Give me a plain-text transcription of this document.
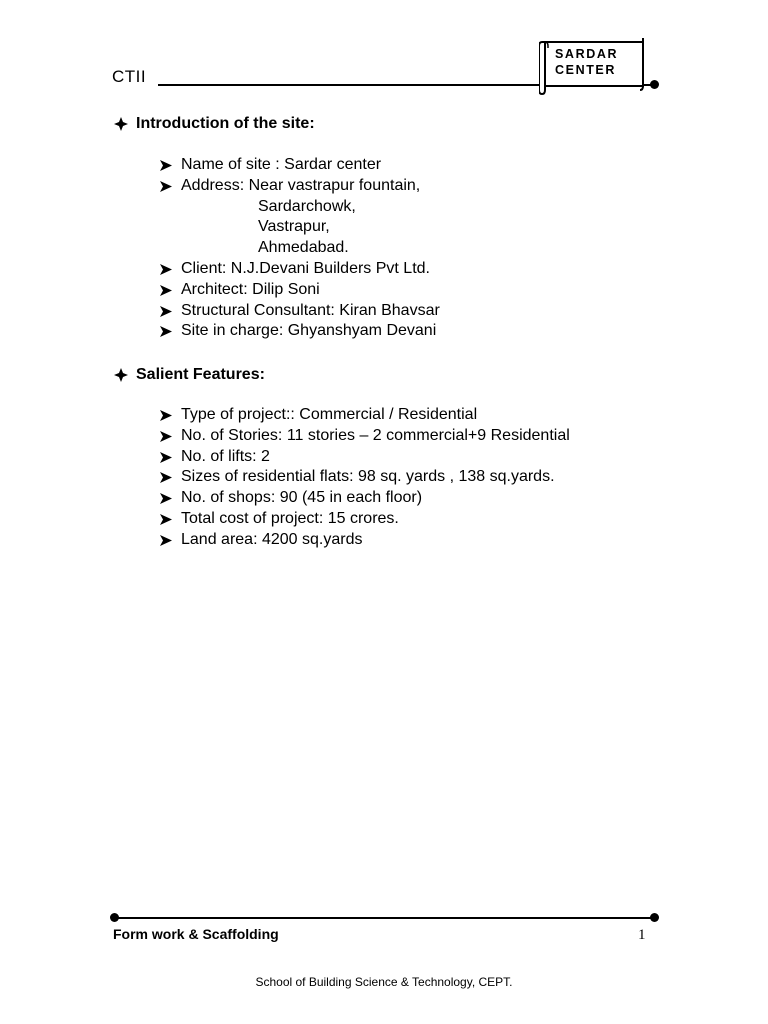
CTII
SARDAR
CENTER
Introduction of the site:
Name of site : Sardar center
Address: Near vastrapur fountain,
Sardarchowk,
Vastrapur,
Ahmedabad.
Client: N.J.Devani Builders Pvt Ltd.
Architect: Dilip Soni
Structural Consultant: Kiran Bhavsar
Site in charge: Ghyanshyam Devani
Salient Features:
Type of project:: Commercial / Residential
No. of Stories: 11 stories – 2 commercial+9 Residential
No. of lifts: 2
Sizes of residential flats: 98 sq. yards , 138 sq.yards.
No. of shops: 90 (45 in each floor)
Total cost of project: 15 crores.
Land area: 4200 sq.yards
Form work & Scaffolding	1
School of Building Science & Technology, CEPT.
